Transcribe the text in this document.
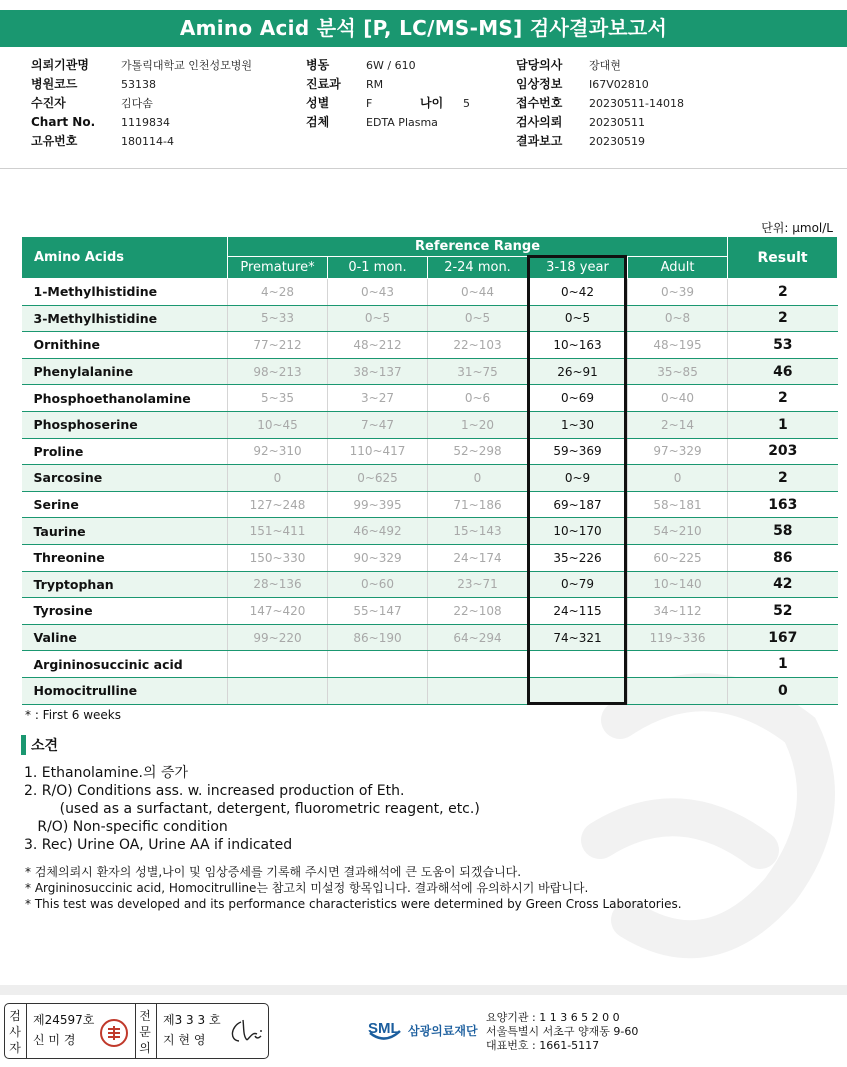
Amino Acid 분석 [P, LC/MS-MS] 검사결과보고서
의뢰기관명	가톨릭대학교 인천성모병원
병원코드	53138
수진자	김다솜
Chart No. 1119834
고유번호	180114-4
병동	6W / 610
진료과 RM
성별	F	나이 5
검체	EDTA Plasma
담당의사 장대현
임상정보 I67V02810
접수번호 20230511-14018
검사의뢰 20230511
결과보고 20230519
단위: μmol/L
Amino Acids	Reference Range					Result
	Premature*	0-1 mon.	2-24 mon.	3-18 year	Adult	
1-Methylhistidine	4~28	0~43	0~44	0~42	0~39	2
3-Methylhistidine	5~33	0~5	0~5	0~5	0~8	2
Ornithine	77~212	48~212	22~103	10~163	48~195	53
Phenylalanine	98~213	38~137	31~75	26~91	35~85	46
Phosphoethanolamine	5~35	3~27	0~6	0~69	0~40	2
Phosphoserine	10~45	7~47	1~20	1~30	2~14	1
Proline	92~310	110~417	52~298	59~369	97~329	203
Sarcosine	0	0~625	0	0~9	0	2
Serine	127~248	99~395	71~186	69~187	58~181	163
Taurine	151~411	46~492	15~143	10~170	54~210	58
Threonine	150~330	90~329	24~174	35~226	60~225	86
Tryptophan	28~136	0~60	23~71	0~79	10~140	42
Tyrosine	147~420	55~147	22~108	24~115	34~112	52
Valine	99~220	86~190	64~294	74~321	119~336	167
Argininosuccinic acid						1
Homocitrulline						0
* : First 6 weeks
소견
1. Ethanolamine.의 증가
2. R/O) Conditions ass. w. increased production of Eth.
(used as a surfactant, detergent, fluorometric reagent, etc.)
R/O) Non-specific condition
3. Rec) Urine OA, Urine AA if indicated
* 검체의뢰시 환자의 성별,나이 및 임상증세를 기록해 주시면 결과해석에 큰 도움이 되겠습니다.
* Argininosuccinic acid, Homocitrulline는 참고치 미설정 항목입니다. 결과해석에 유의하시기 바랍니다.
* This test was developed and its performance characteristics were determined by Green Cross Laboratories.
검
사
자
제24597호
신 미 경
전
문
의
제3 3 3 호
지 현 영
SML 삼광의료재단
요양기관 : 1 1 3 6 5 2 0 0
서울특별시 서초구 양재동 9-60
대표번호 : 1661-5117
